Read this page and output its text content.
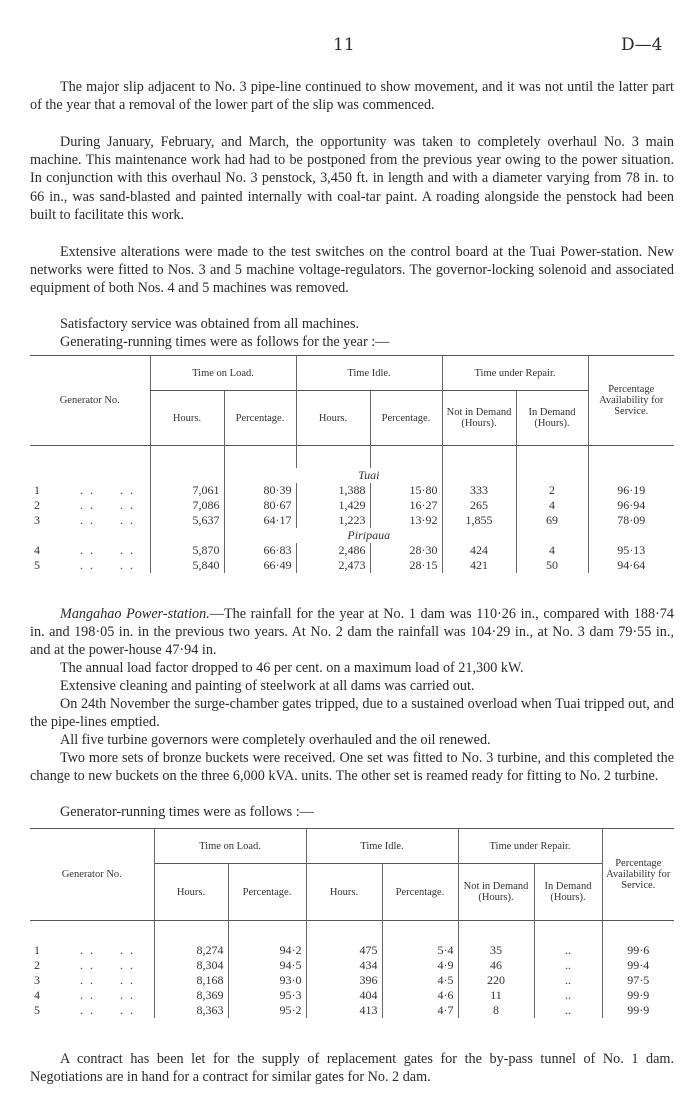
11	D—4

The major slip adjacent to No. 3 pipe-line continued to show movement, and it was not until the latter part of the year that a removal of the lower part of the slip was commenced.

During January, February, and March, the opportunity was taken to completely overhaul No. 3 main machine. This maintenance work had had to be postponed from the previous year owing to the power situation. In conjunction with this overhaul No. 3 penstock, 3,450 ft. in length and with a diameter varying from 78 in. to 66 in., was sand-blasted and painted internally with coal-tar paint. A roading alongside the penstock had been built to facilitate this work.

Extensive alterations were made to the test switches on the control board at the Tuai Power-station. New networks were fitted to Nos. 3 and 5 machine voltage-regulators. The governor-locking solenoid and associated equipment of both Nos. 4 and 5 machines was removed.

Satisfactory service was obtained from all machines.

Generating-running times were as follows for the year :—

Generator No.	Time on Load.		Time Idle.		Time under Repair.		Percentage Availability for Service.
	Hours.	Percentage.	Hours.	Percentage.	Not in Demand (Hours).	In Demand (Hours).	

			Tuai				
1 . .     . .	7,061	80·39	1,388	15·80	333	2	96·19
2 . .     . .	7,086	80·67	1,429	16·27	265	4	96·94
3 . .     . .	5,637	64·17	1,223	13·92	1,855	69	78·09
			Piripaua				
4 . .     . .	5,870	66·83	2,486	28·30	424	4	95·13
5 . .     . .	5,840	66·49	2,473	28·15	421	50	94·64

Mangahao Power-station.—The rainfall for the year at No. 1 dam was 110·26 in., compared with 188·74 in. and 198·05 in. in the previous two years. At No. 2 dam the rainfall was 104·29 in., at No. 3 dam 79·55 in., and at the power-house 47·94 in.

The annual load factor dropped to 46 per cent. on a maximum load of 21,300 kW.

Extensive cleaning and painting of steelwork at all dams was carried out.

On 24th November the surge-chamber gates tripped, due to a sustained overload when Tuai tripped out, and the pipe-lines emptied.

All five turbine governors were completely overhauled and the oil renewed.

Two more sets of bronze buckets were received. One set was fitted to No. 3 turbine, and this completed the change to new buckets on the three 6,000 kVA. units. The other set is reamed ready for fitting to No. 2 turbine.

Generator-running times were as follows :—

Generator No.	Time on Load.		Time Idle.		Time under Repair.		Percentage Availability for Service.
	Hours.	Percentage.	Hours.	Percentage.	Not in Demand (Hours).	In Demand (Hours).	

1 . .     . .	8,274	94·2	475	5·4	35	..	99·6
2 . .     . .	8,304	94·5	434	4·9	46	..	99·4
3 . .     . .	8,168	93·0	396	4·5	220	..	97·5
4 . .     . .	8,369	95·3	404	4·6	11	..	99·9
5 . .     . .	8,363	95·2	413	4·7	8	..	99·9

A contract has been let for the supply of replacement gates for the by-pass tunnel of No. 1 dam. Negotiations are in hand for a contract for similar gates for No. 2 dam.
